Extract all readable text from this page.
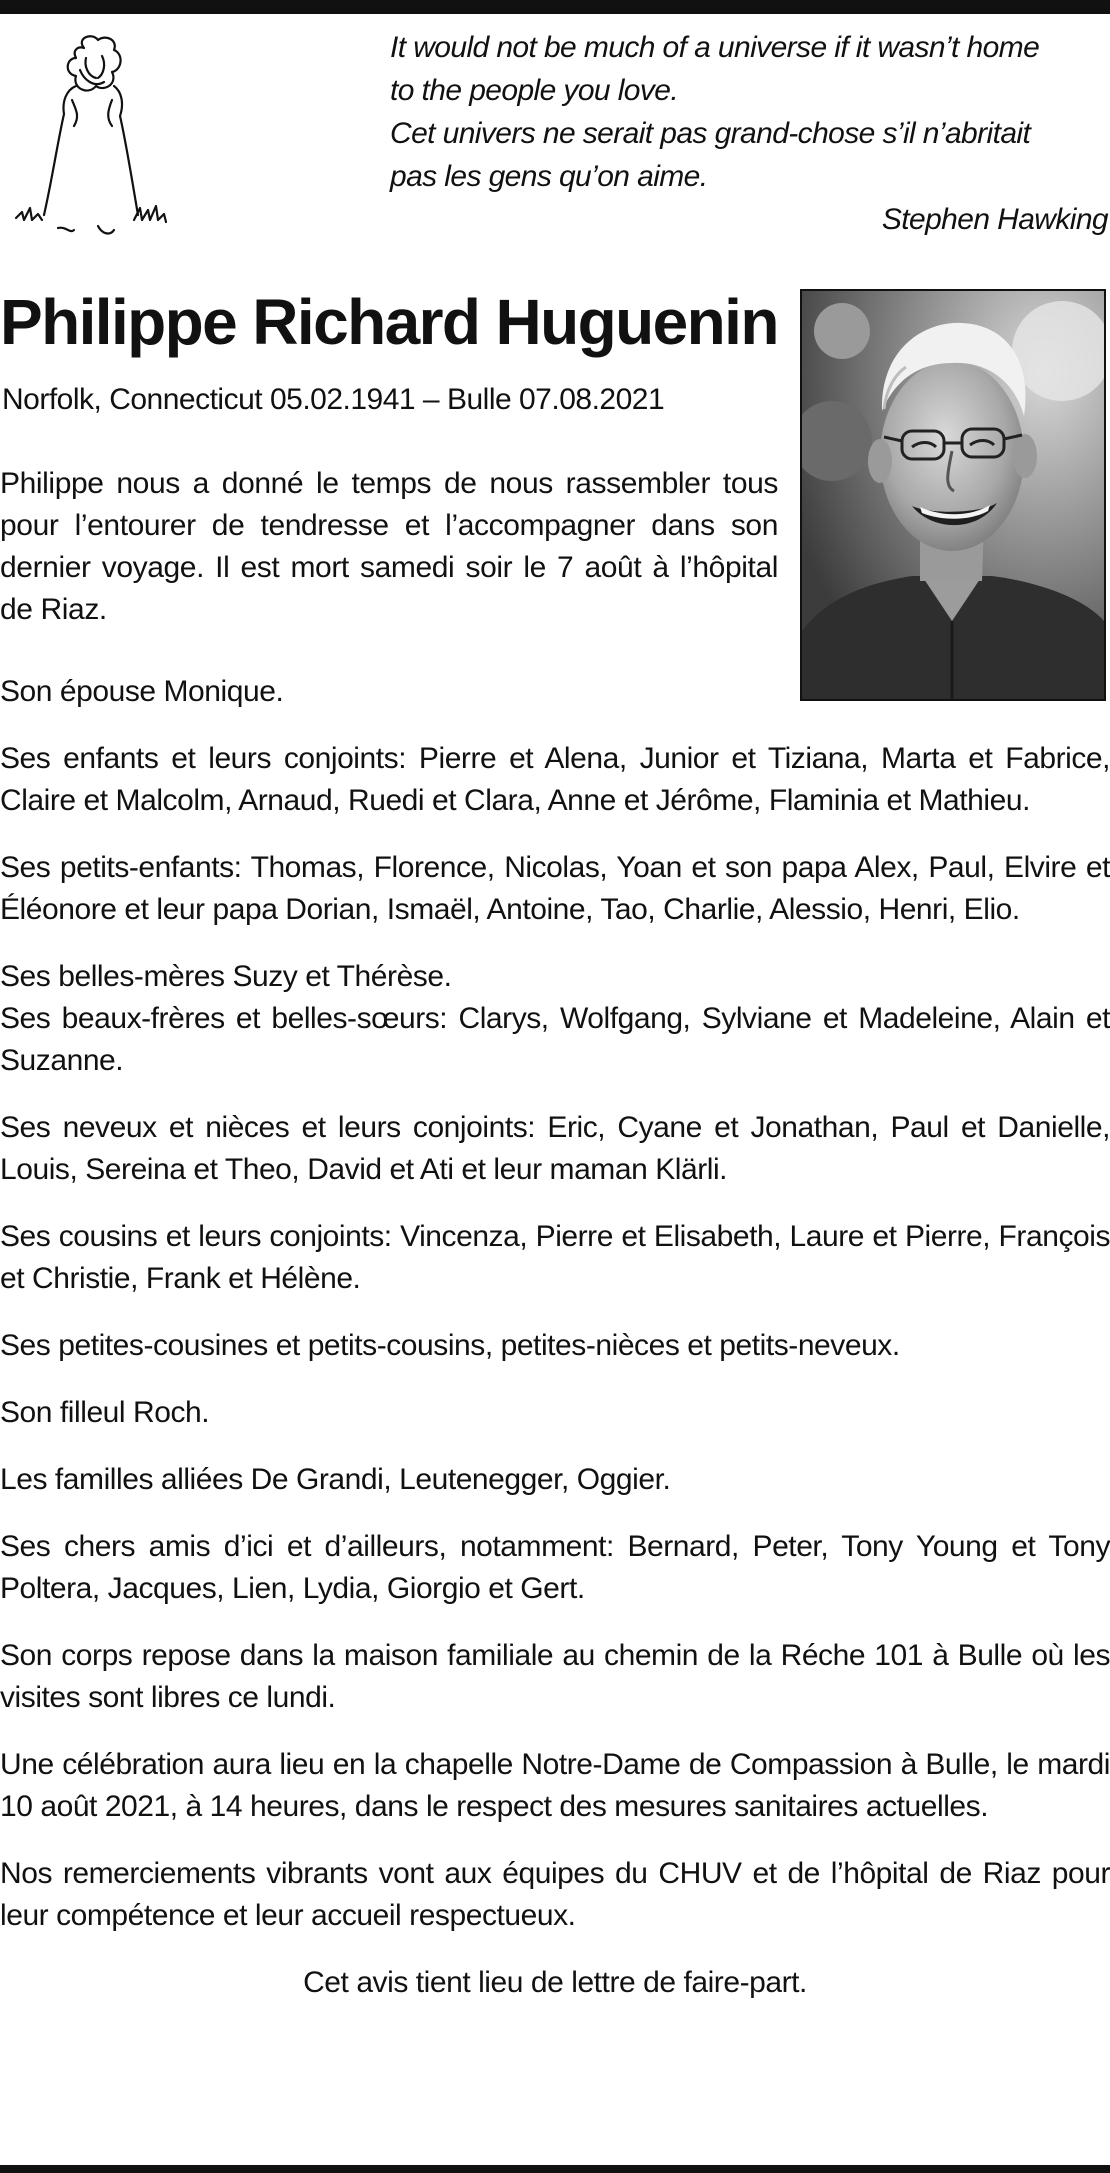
It would not be much of a universe if it wasn’t home
to the people you love.
Cet univers ne serait pas grand-chose s’il n’abritait
pas les gens qu’on aime.
Stephen Hawking
Philippe Richard Huguenin
Norfolk, Connecticut 05.02.1941 – Bulle 07.08.2021

Philippe nous a donné le temps de nous rassembler tous pour l’entourer de tendresse et l’accompagner dans son dernier voyage. Il est mort samedi soir le 7 août à l’hôpital de Riaz.

Son épouse Monique.

Ses enfants et leurs conjoints: Pierre et Alena, Junior et Tiziana, Marta et Fabrice, Claire et Malcolm, Arnaud, Ruedi et Clara, Anne et Jérôme, Flaminia et Mathieu.

Ses petits-enfants: Thomas, Florence, Nicolas, Yoan et son papa Alex, Paul, Elvire et Éléonore et leur papa Dorian, Ismaël, Antoine, Tao, Charlie, Alessio, Henri, Elio.

Ses belles-mères Suzy et Thérèse.
Ses beaux-frères et belles-sœurs: Clarys, Wolfgang, Sylviane et Madeleine, Alain et Suzanne.

Ses neveux et nièces et leurs conjoints: Eric, Cyane et Jonathan, Paul et Danielle, Louis, Sereina et Theo, David et Ati et leur maman Klärli.

Ses cousins et leurs conjoints: Vincenza, Pierre et Elisabeth, Laure et Pierre, François et Christie, Frank et Hélène.

Ses petites-cousines et petits-cousins, petites-nièces et petits-neveux.

Son filleul Roch.

Les familles alliées De Grandi, Leutenegger, Oggier.

Ses chers amis d’ici et d’ailleurs, notamment: Bernard, Peter, Tony Young et Tony Poltera, Jacques, Lien, Lydia, Giorgio et Gert.

Son corps repose dans la maison familiale au chemin de la Réche 101 à Bulle où les visites sont libres ce lundi.

Une célébration aura lieu en la chapelle Notre-Dame de Compassion à Bulle, le mardi 10 août 2021, à 14 heures, dans le respect des mesures sanitaires actuelles.

Nos remerciements vibrants vont aux équipes du CHUV et de l’hôpital de Riaz pour leur compétence et leur accueil respectueux.

Cet avis tient lieu de lettre de faire-part.
